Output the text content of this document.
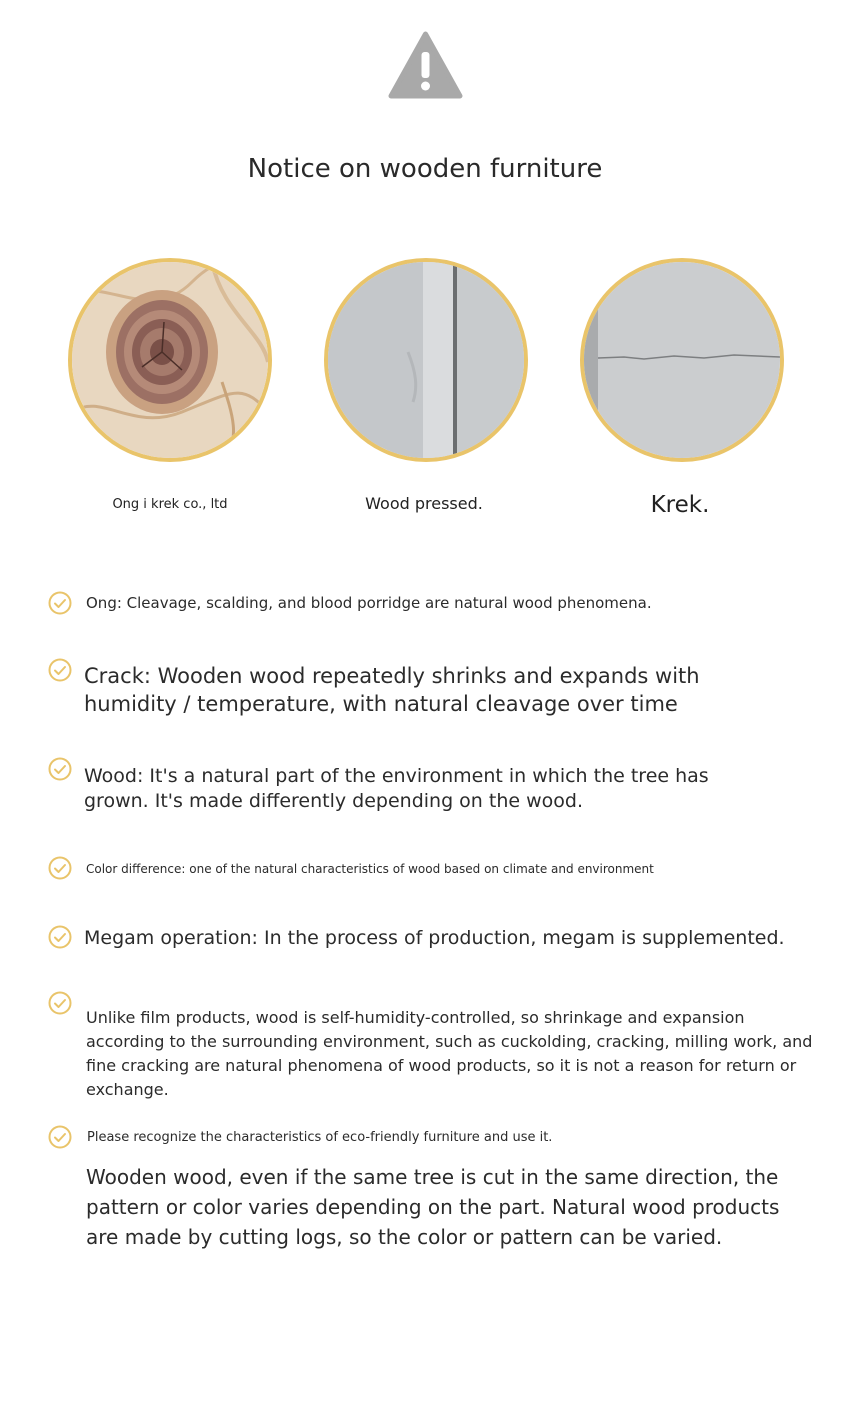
Notice on wooden furniture
Ong i krek co., ltd	Wood pressed.	Krek.
Ong: Cleavage, scalding, and blood porridge are natural wood phenomena.
Crack: Wooden wood repeatedly shrinks and expands with humidity / temperature, with natural cleavage over time
Wood: It's a natural part of the environment in which the tree has grown. It's made differently depending on the wood.
Color difference: one of the natural characteristics of wood based on climate and environment
Megam operation: In the process of production, megam is supplemented.
Unlike film products, wood is self-humidity-controlled, so shrinkage and expansion according to the surrounding environment, such as cuckolding, cracking, milling work, and fine cracking are natural phenomena of wood products, so it is not a reason for return or exchange.
Please recognize the characteristics of eco-friendly furniture and use it.
Wooden wood, even if the same tree is cut in the same direction, the pattern or color varies depending on the part. Natural wood products are made by cutting logs, so the color or pattern can be varied.
